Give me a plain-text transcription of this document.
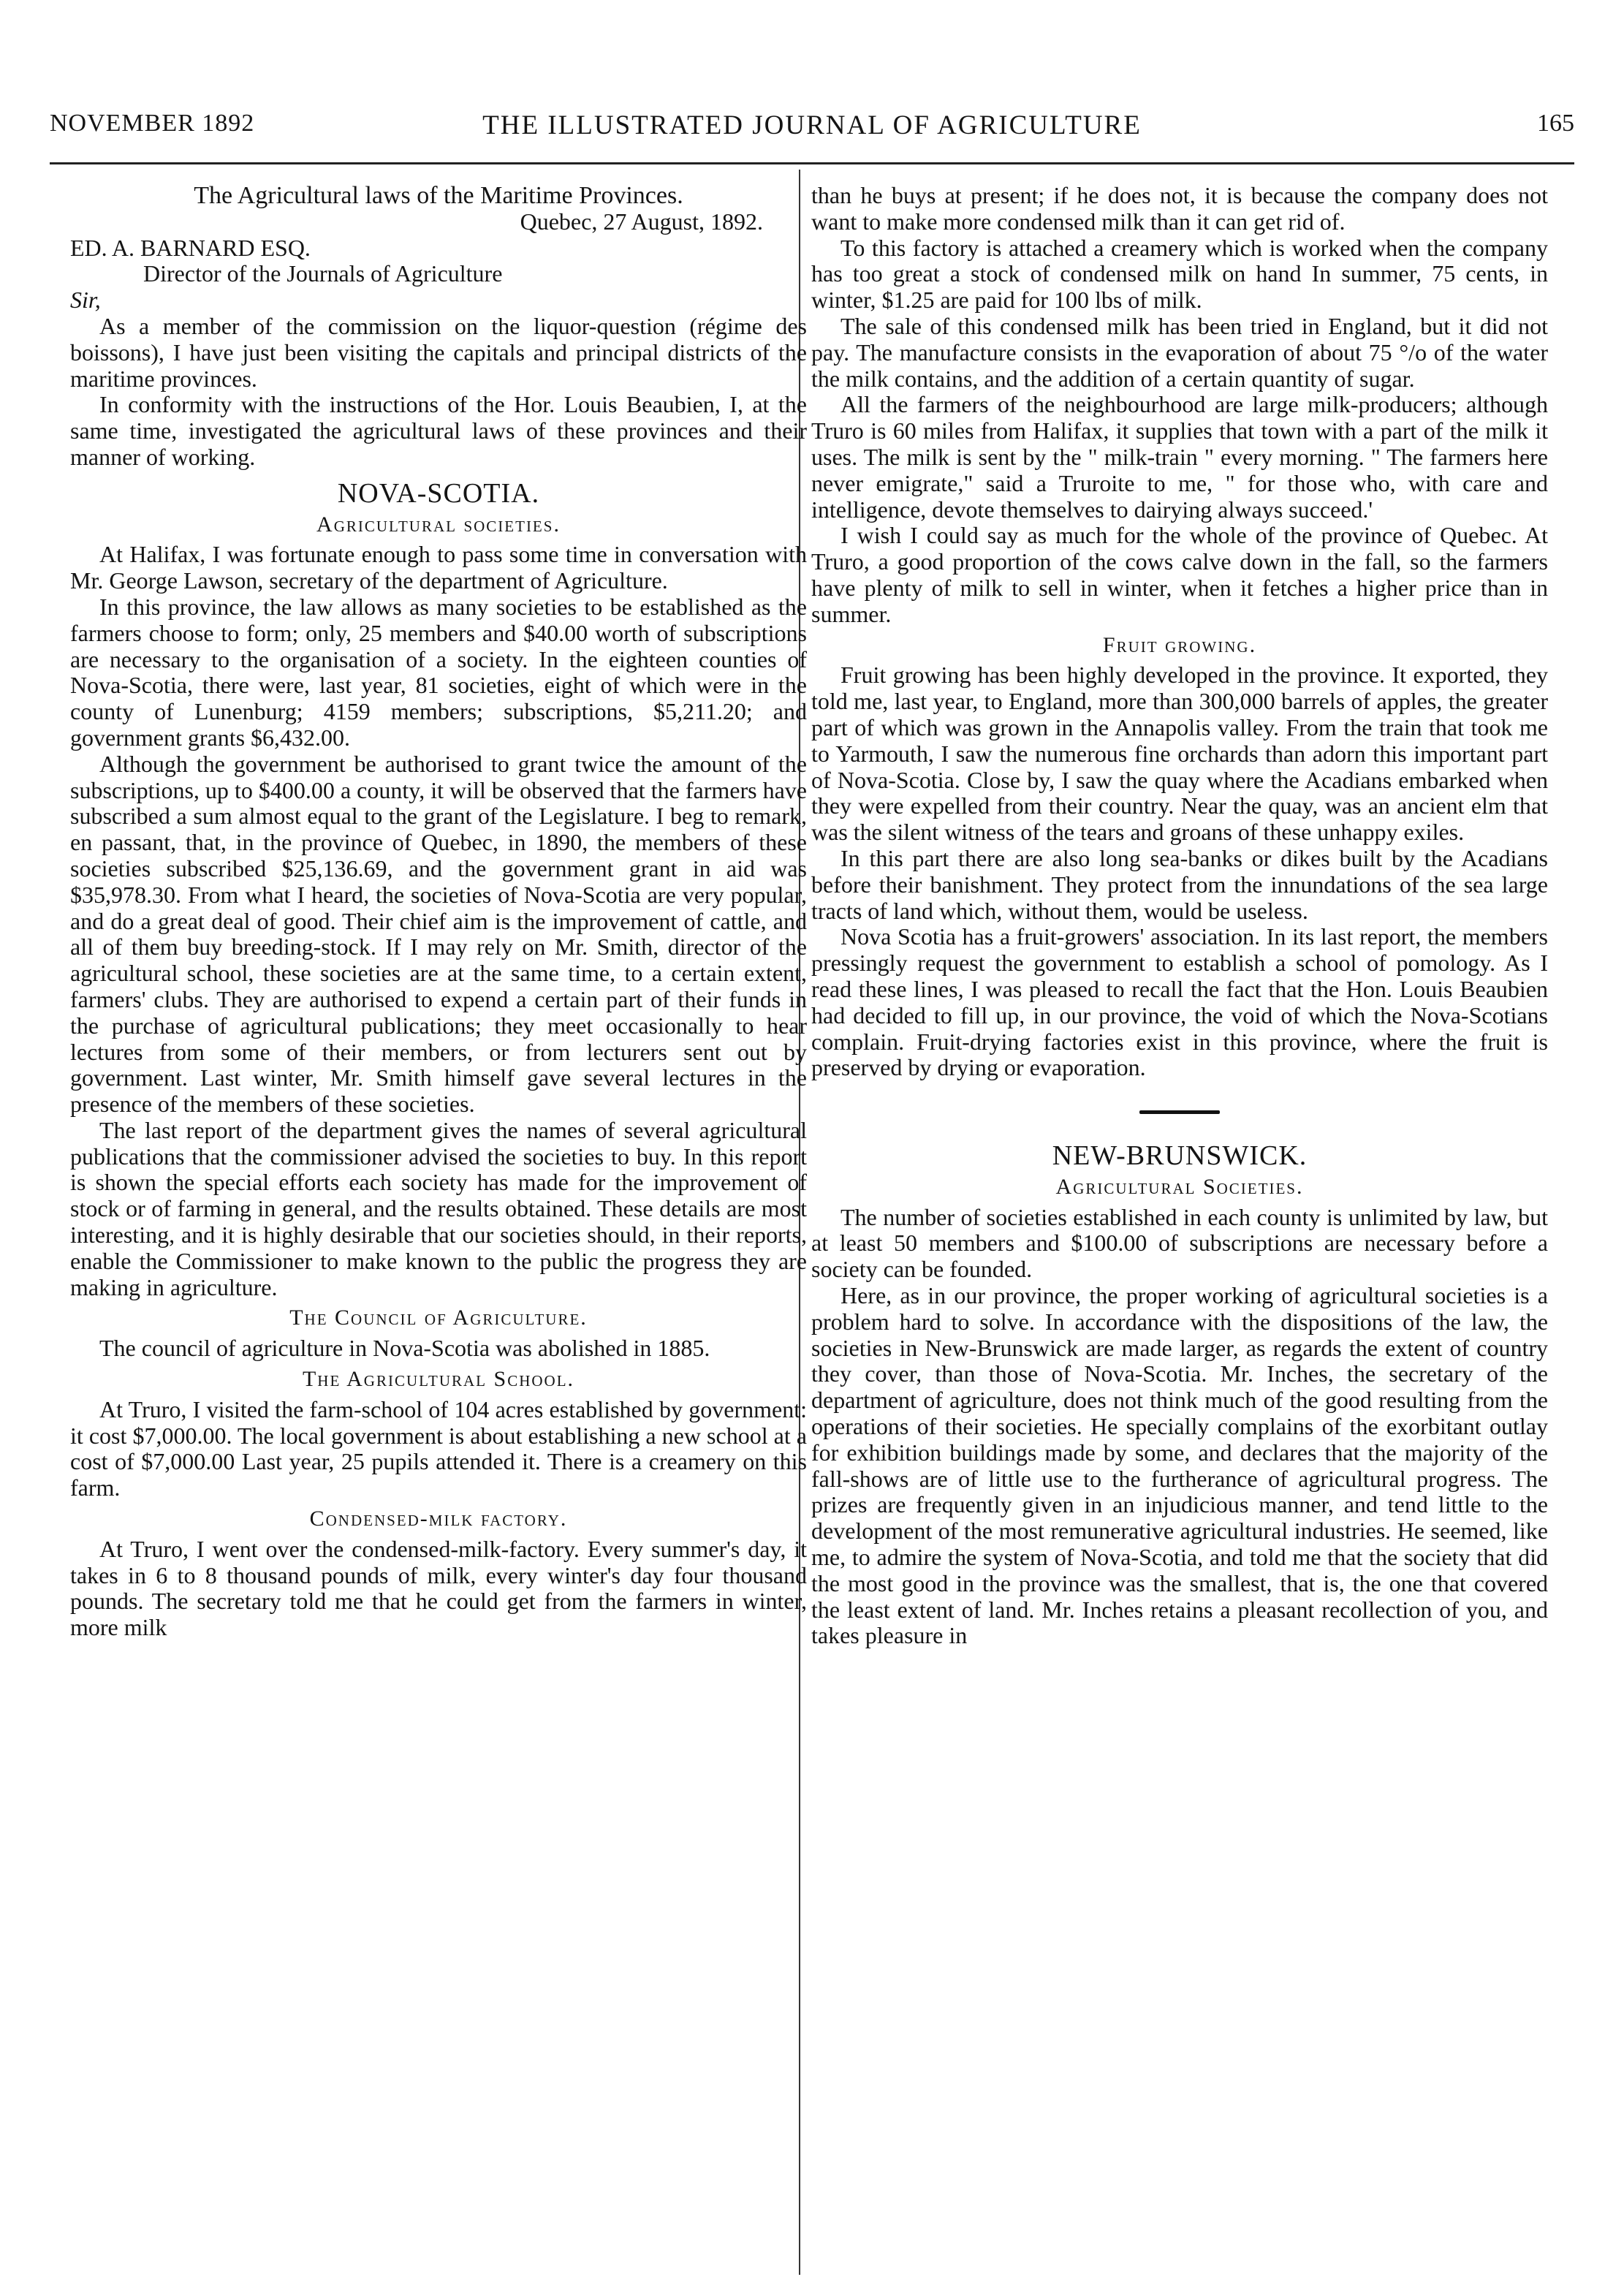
NOVEMBER 1892	THE ILLUSTRATED JOURNAL OF AGRICULTURE	165

The Agricultural laws of the Maritime Provinces.

Quebec, 27 August, 1892.

ED. A. BARNARD ESQ.

Director of the Journals of Agriculture

Sir,

As a member of the commission on the liquor-question (régime des boissons), I have just been visiting the capitals and principal districts of the maritime provinces.

In conformity with the instructions of the Hor. Louis Beaubien, I, at the same time, investigated the agricultural laws of these provinces and their manner of working.

NOVA-SCOTIA.

Agricultural societies.

At Halifax, I was fortunate enough to pass some time in conversation with Mr. George Lawson, secretary of the department of Agriculture.

In this province, the law allows as many societies to be established as the farmers choose to form; only, 25 members and $40.00 worth of subscriptions are necessary to the organisation of a society. In the eighteen counties of Nova-Scotia, there were, last year, 81 societies, eight of which were in the county of Lunenburg; 4159 members; subscriptions, $5,211.20; and government grants $6,432.00.

Although the government be authorised to grant twice the amount of the subscriptions, up to $400.00 a county, it will be observed that the farmers have subscribed a sum almost equal to the grant of the Legislature. I beg to remark, en passant, that, in the province of Quebec, in 1890, the members of these societies subscribed $25,136.69, and the government grant in aid was $35,978.30. From what I heard, the societies of Nova-Scotia are very popular, and do a great deal of good. Their chief aim is the improvement of cattle, and all of them buy breeding-stock. If I may rely on Mr. Smith, director of the agricultural school, these societies are at the same time, to a certain extent, farmers' clubs. They are authorised to expend a certain part of their funds in the purchase of agricultural publications; they meet occasionally to hear lectures from some of their members, or from lecturers sent out by government. Last winter, Mr. Smith himself gave several lectures in the presence of the members of these societies.

The last report of the department gives the names of several agricultural publications that the commissioner advised the societies to buy. In this report is shown the special efforts each society has made for the improvement of stock or of farming in general, and the results obtained. These details are most interesting, and it is highly desirable that our societies should, in their reports, enable the Commissioner to make known to the public the progress they are making in agriculture.

The Council of Agriculture.

The council of agriculture in Nova-Scotia was abolished in 1885.

The Agricultural School.

At Truro, I visited the farm-school of 104 acres established by government: it cost $7,000.00. The local government is about establishing a new school at a cost of $7,000.00 Last year, 25 pupils attended it. There is a creamery on this farm.

Condensed-milk factory.

At Truro, I went over the condensed-milk-factory. Every summer's day, it takes in 6 to 8 thousand pounds of milk, every winter's day four thousand pounds. The secretary told me that he could get from the farmers in winter, more milk

than he buys at present; if he does not, it is because the company does not want to make more condensed milk than it can get rid of.

To this factory is attached a creamery which is worked when the company has too great a stock of condensed milk on hand In summer, 75 cents, in winter, $1.25 are paid for 100 lbs of milk.

The sale of this condensed milk has been tried in England, but it did not pay. The manufacture consists in the evaporation of about 75 °/o of the water the milk contains, and the addition of a certain quantity of sugar.

All the farmers of the neighbourhood are large milk-producers; although Truro is 60 miles from Halifax, it supplies that town with a part of the milk it uses. The milk is sent by the " milk-train " every morning. " The farmers here never emigrate," said a Truroite to me, " for those who, with care and intelligence, devote themselves to dairying always succeed.'

I wish I could say as much for the whole of the province of Quebec. At Truro, a good proportion of the cows calve down in the fall, so the farmers have plenty of milk to sell in winter, when it fetches a higher price than in summer.

Fruit growing.

Fruit growing has been highly developed in the province. It exported, they told me, last year, to England, more than 300,000 barrels of apples, the greater part of which was grown in the Annapolis valley. From the train that took me to Yarmouth, I saw the numerous fine orchards than adorn this important part of Nova-Scotia. Close by, I saw the quay where the Acadians embarked when they were expelled from their country. Near the quay, was an ancient elm that was the silent witness of the tears and groans of these unhappy exiles.

In this part there are also long sea-banks or dikes built by the Acadians before their banishment. They protect from the innundations of the sea large tracts of land which, without them, would be useless.

Nova Scotia has a fruit-growers' association. In its last report, the members pressingly request the government to establish a school of pomology. As I read these lines, I was pleased to recall the fact that the Hon. Louis Beaubien had decided to fill up, in our province, the void of which the Nova-Scotians complain. Fruit-drying factories exist in this province, where the fruit is preserved by drying or evaporation.

NEW-BRUNSWICK.

Agricultural Societies.

The number of societies established in each county is unlimited by law, but at least 50 members and $100.00 of subscriptions are necessary before a society can be founded.

Here, as in our province, the proper working of agricultural societies is a problem hard to solve. In accordance with the dispositions of the law, the societies in New-Brunswick are made larger, as regards the extent of country they cover, than those of Nova-Scotia. Mr. Inches, the secretary of the department of agriculture, does not think much of the good resulting from the operations of their societies. He specially complains of the exorbitant outlay for exhibition buildings made by some, and declares that the majority of the fall-shows are of little use to the furtherance of agricultural progress. The prizes are frequently given in an injudicious manner, and tend little to the development of the most remunerative agricultural industries. He seemed, like me, to admire the system of Nova-Scotia, and told me that the society that did the most good in the province was the smallest, that is, the one that covered the least extent of land. Mr. Inches retains a pleasant recollection of you, and takes pleasure in
